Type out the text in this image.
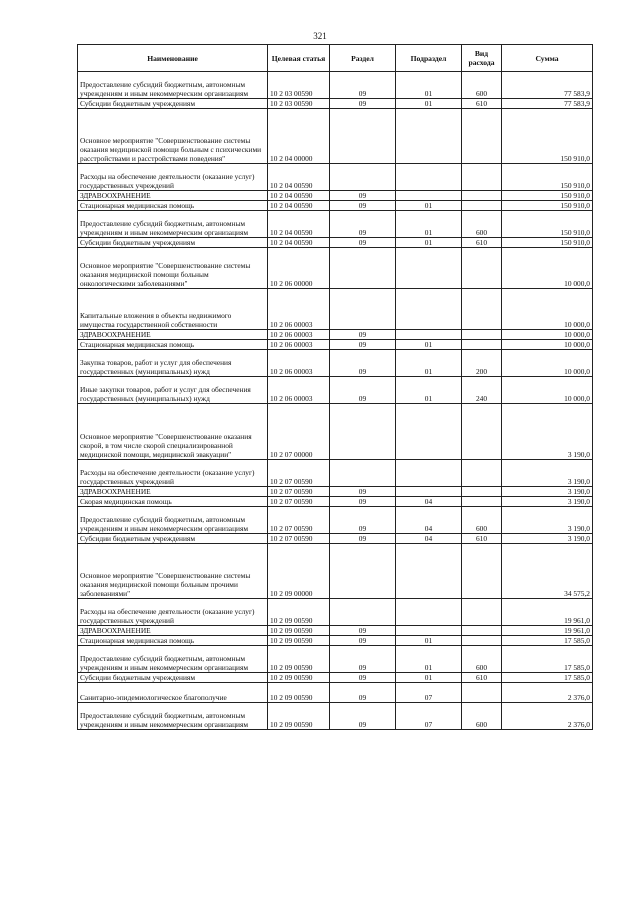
321
Наименование	Целевая статья	Раздел	Подраздел	Вид расхода	Сумма
Предоставление субсидий бюджетным, автономным учреждениям и иным некоммерческим организациям	10 2 03 00590	09	01	600	77 583,9
Субсидии бюджетным учреждениям	10 2 03 00590	09	01	610	77 583,9
Основное мероприятие "Совершенствование системы оказания медицинской помощи больным с психическими расстройствами и расстройствами поведения"	10 2 04 00000				150 910,0
Расходы на обеспечение деятельности (оказание услуг) государственных учреждений	10 2 04 00590				150 910,0
ЗДРАВООХРАНЕНИЕ	10 2 04 00590	09			150 910,0
Стационарная медицинская помощь	10 2 04 00590	09	01		150 910,0
Предоставление субсидий бюджетным, автономным учреждениям и иным некоммерческим организациям	10 2 04 00590	09	01	600	150 910,0
Субсидии бюджетным учреждениям	10 2 04 00590	09	01	610	150 910,0
Основное мероприятие "Совершенствование системы оказания медицинской помощи больным онкологическими заболеваниями"	10 2 06 00000				10 000,0
Капитальные вложения в объекты недвижимого имущества государственной собственности	10 2 06 00003				10 000,0
ЗДРАВООХРАНЕНИЕ	10 2 06 00003	09			10 000,0
Стационарная медицинская помощь	10 2 06 00003	09	01		10 000,0
Закупка товаров, работ и услуг для обеспечения государственных (муниципальных) нужд	10 2 06 00003	09	01	200	10 000,0
Иные закупки товаров, работ и услуг для обеспечения государственных (муниципальных) нужд	10 2 06 00003	09	01	240	10 000,0
Основное мероприятие "Совершенствование оказания скорой, в том числе скорой специализированной медицинской помощи, медицинской эвакуации"	10 2 07 00000				3 190,0
Расходы на обеспечение деятельности (оказание услуг) государственных учреждений	10 2 07 00590				3 190,0
ЗДРАВООХРАНЕНИЕ	10 2 07 00590	09			3 190,0
Скорая медицинская помощь	10 2 07 00590	09	04		3 190,0
Предоставление субсидий бюджетным, автономным учреждениям и иным некоммерческим организациям	10 2 07 00590	09	04	600	3 190,0
Субсидии бюджетным учреждениям	10 2 07 00590	09	04	610	3 190,0
Основное мероприятие "Совершенствование системы оказания медицинской помощи больным прочими заболеваниями"	10 2 09 00000				34 575,2
Расходы на обеспечение деятельности (оказание услуг) государственных учреждений	10 2 09 00590				19 961,0
ЗДРАВООХРАНЕНИЕ	10 2 09 00590	09			19 961,0
Стационарная медицинская помощь	10 2 09 00590	09	01		17 585,0
Предоставление субсидий бюджетным, автономным учреждениям и иным некоммерческим организациям	10 2 09 00590	09	01	600	17 585,0
Субсидии бюджетным учреждениям	10 2 09 00590	09	01	610	17 585,0
Санитарно-эпидемиологическое благополучие	10 2 09 00590	09	07		2 376,0
Предоставление субсидий бюджетным, автономным учреждениям и иным некоммерческим организациям	10 2 09 00590	09	07	600	2 376,0
